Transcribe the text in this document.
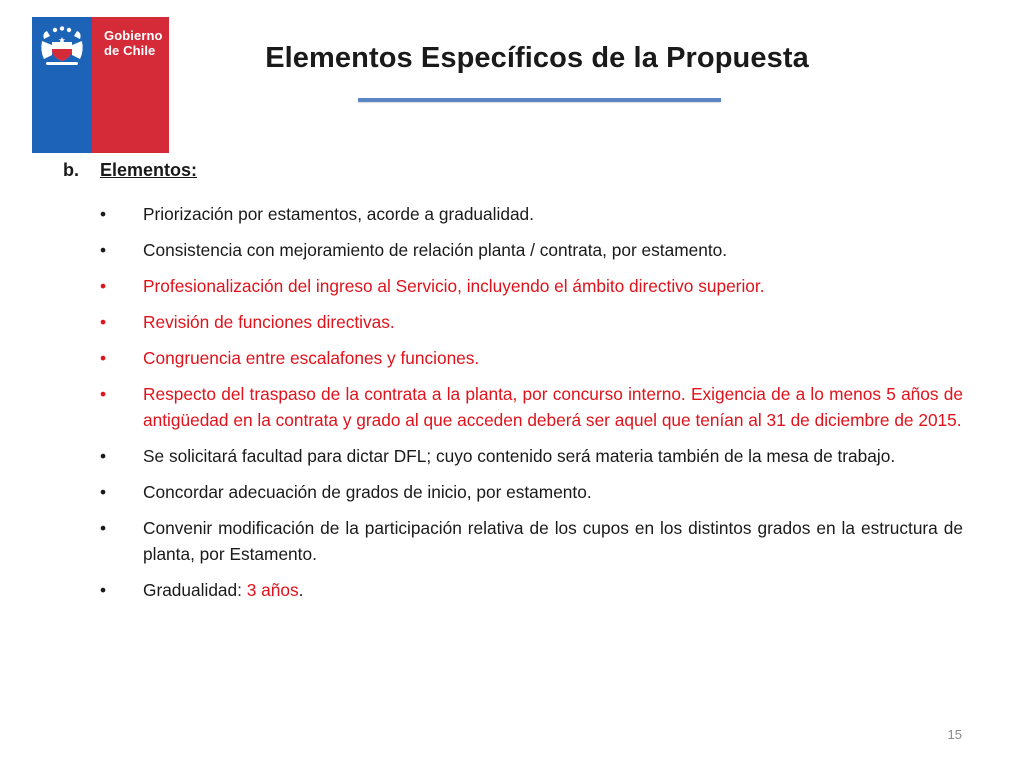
Gobierno
de Chile	Elementos Específicos de la Propuesta
b. Elementos:
• Priorización por estamentos, acorde a gradualidad.
• Consistencia con mejoramiento de relación planta / contrata, por estamento.
• Profesionalización del ingreso al Servicio, incluyendo el ámbito directivo superior.
• Revisión de funciones directivas.
• Congruencia entre escalafones y funciones.
• Respecto del traspaso de la contrata a la planta, por concurso interno. Exigencia de a lo menos 5 años de antigüedad en la contrata y grado al que acceden deberá ser aquel que tenían al 31 de diciembre de 2015.
• Se solicitará facultad para dictar DFL; cuyo contenido será materia también de la mesa de trabajo.
• Concordar adecuación de grados de inicio, por estamento.
• Convenir modificación de la participación relativa de los cupos en los distintos grados en la estructura de planta, por Estamento.
• Gradualidad: 3 años.
15
